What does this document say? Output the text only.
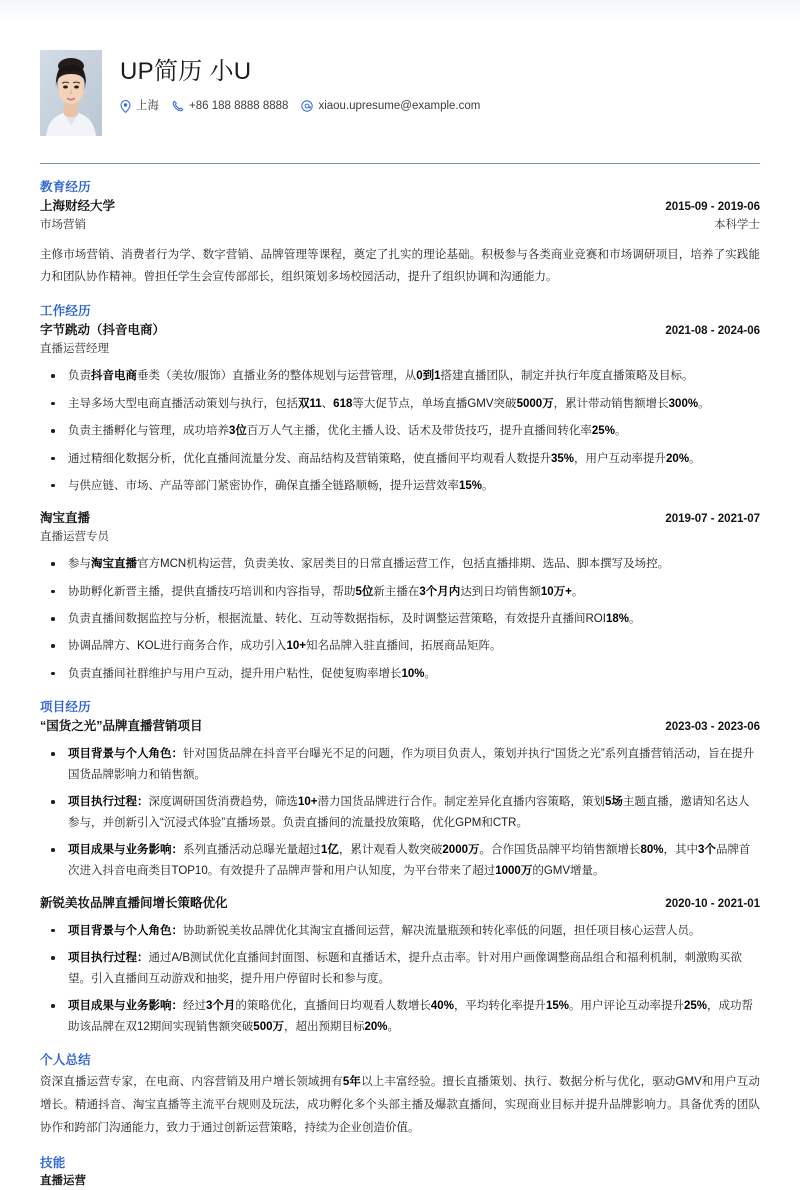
UP简历 小U
上海	+86 188 8888 8888	xiaou.upresume@example.com
教育经历
上海财经大学	2015-09 - 2019-06
市场营销	本科学士
主修市场营销、消费者行为学、数字营销、品牌管理等课程，奠定了扎实的理论基础。积极参与各类商业竞赛和市场调研项目，培养了实践能力和团队协作精神。曾担任学生会宣传部部长，组织策划多场校园活动，提升了组织协调和沟通能力。
工作经历
字节跳动（抖音电商）	2021-08 - 2024-06
直播运营经理
负责抖音电商垂类（美妆/服饰）直播业务的整体规划与运营管理，从0到1搭建直播团队，制定并执行年度直播策略及目标。
主导多场大型电商直播活动策划与执行，包括双11、618等大促节点，单场直播GMV突破5000万，累计带动销售额增长300%。
负责主播孵化与管理，成功培养3位百万人气主播，优化主播人设、话术及带货技巧，提升直播间转化率25%。
通过精细化数据分析，优化直播间流量分发、商品结构及营销策略，使直播间平均观看人数提升35%，用户互动率提升20%。
与供应链、市场、产品等部门紧密协作，确保直播全链路顺畅，提升运营效率15%。
淘宝直播	2019-07 - 2021-07
直播运营专员
参与淘宝直播官方MCN机构运营，负责美妆、家居类目的日常直播运营工作，包括直播排期、选品、脚本撰写及场控。
协助孵化新晋主播，提供直播技巧培训和内容指导，帮助5位新主播在3个月内达到日均销售额10万+。
负责直播间数据监控与分析，根据流量、转化、互动等数据指标，及时调整运营策略，有效提升直播间ROI18%。
协调品牌方、KOL进行商务合作，成功引入10+知名品牌入驻直播间，拓展商品矩阵。
负责直播间社群维护与用户互动，提升用户粘性，促使复购率增长10%。
项目经历
“国货之光”品牌直播营销项目	2023-03 - 2023-06
项目背景与个人角色：针对国货品牌在抖音平台曝光不足的问题，作为项目负责人，策划并执行“国货之光”系列直播营销活动，旨在提升国货品牌影响力和销售额。
项目执行过程：深度调研国货消费趋势，筛选10+潜力国货品牌进行合作。制定差异化直播内容策略，策划5场主题直播，邀请知名达人参与，并创新引入“沉浸式体验”直播场景。负责直播间的流量投放策略，优化GPM和CTR。
项目成果与业务影响：系列直播活动总曝光量超过1亿，累计观看人数突破2000万。合作国货品牌平均销售额增长80%，其中3个品牌首次进入抖音电商类目TOP10。有效提升了品牌声誉和用户认知度，为平台带来了超过1000万的GMV增量。
新锐美妆品牌直播间增长策略优化	2020-10 - 2021-01
项目背景与个人角色：协助新锐美妆品牌优化其淘宝直播间运营，解决流量瓶颈和转化率低的问题，担任项目核心运营人员。
项目执行过程：通过A/B测试优化直播间封面图、标题和直播话术，提升点击率。针对用户画像调整商品组合和福利机制，刺激购买欲望。引入直播间互动游戏和抽奖，提升用户停留时长和参与度。
项目成果与业务影响：经过3个月的策略优化，直播间日均观看人数增长40%，平均转化率提升15%。用户评论互动率提升25%，成功帮助该品牌在双12期间实现销售额突破500万，超出预期目标20%。
个人总结
资深直播运营专家，在电商、内容营销及用户增长领域拥有5年以上丰富经验。擅长直播策划、执行、数据分析与优化，驱动GMV和用户互动增长。精通抖音、淘宝直播等主流平台规则及玩法，成功孵化多个头部主播及爆款直播间，实现商业目标并提升品牌影响力。具备优秀的团队协作和跨部门沟通能力，致力于通过创新运营策略，持续为企业创造价值。
技能
直播运营
